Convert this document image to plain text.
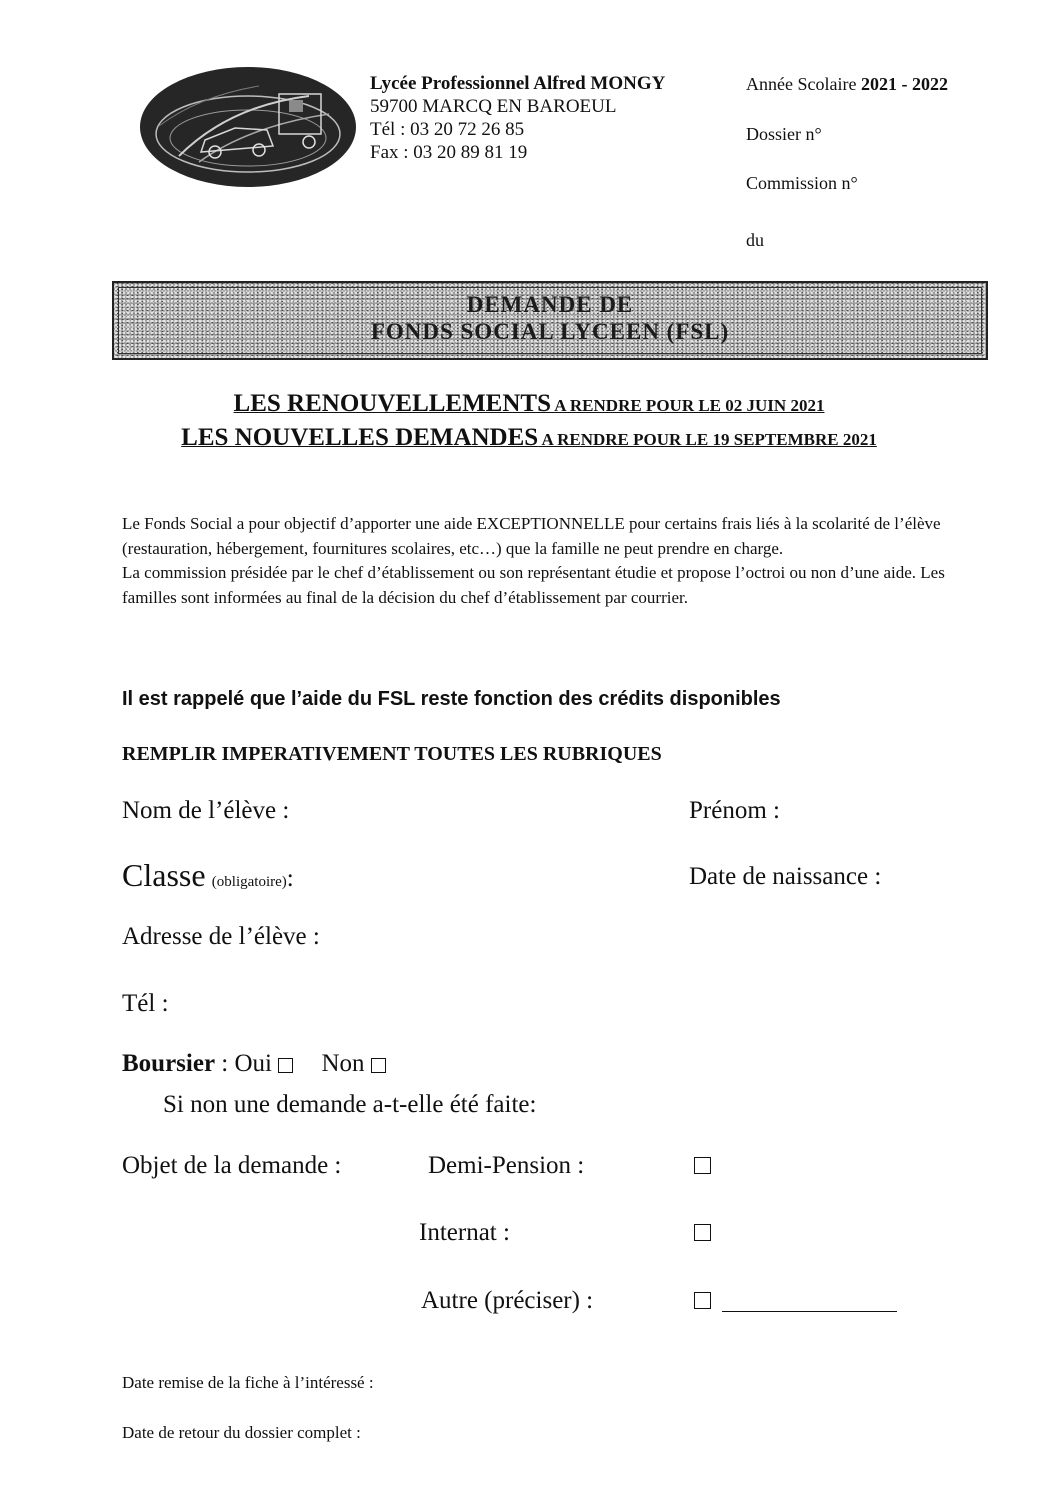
Lycée Professionnel Alfred MONGY
59700 MARCQ EN BAROEUL
Tél : 03 20 72 26 85
Fax : 03 20 89 81 19
Année Scolaire 2021 - 2022
Dossier n°
Commission n°
du
DEMANDE DE
FONDS SOCIAL LYCEEN (FSL)
LES RENOUVELLEMENTS A RENDRE POUR LE 02 JUIN 2021
LES NOUVELLES DEMANDES A RENDRE POUR LE 19 SEPTEMBRE 2021

Le Fonds Social a pour objectif d’apporter une aide EXCEPTIONNELLE pour certains frais liés à la scolarité de l’élève (restauration, hébergement, fournitures scolaires, etc…) que la famille ne peut prendre en charge.

La commission présidée par le chef d’établissement ou son représentant étudie et propose l’octroi ou non d’une aide. Les familles sont informées au final de la décision du chef d’établissement par courrier.

Il est rappelé que l’aide du FSL reste fonction des crédits disponibles
REMPLIR IMPERATIVEMENT TOUTES LES RUBRIQUES
Nom de l’élève :	Prénom :
Classe (obligatoire):	Date de naissance :
Adresse de l’élève :
Tél :
Boursier : Oui  Non
Si non une demande a-t-elle été faite:
Objet de la demande :	Demi-Pension :
Internat :
Autre (préciser) :
Date remise de la fiche à l’intéressé :
Date de retour du dossier complet :
